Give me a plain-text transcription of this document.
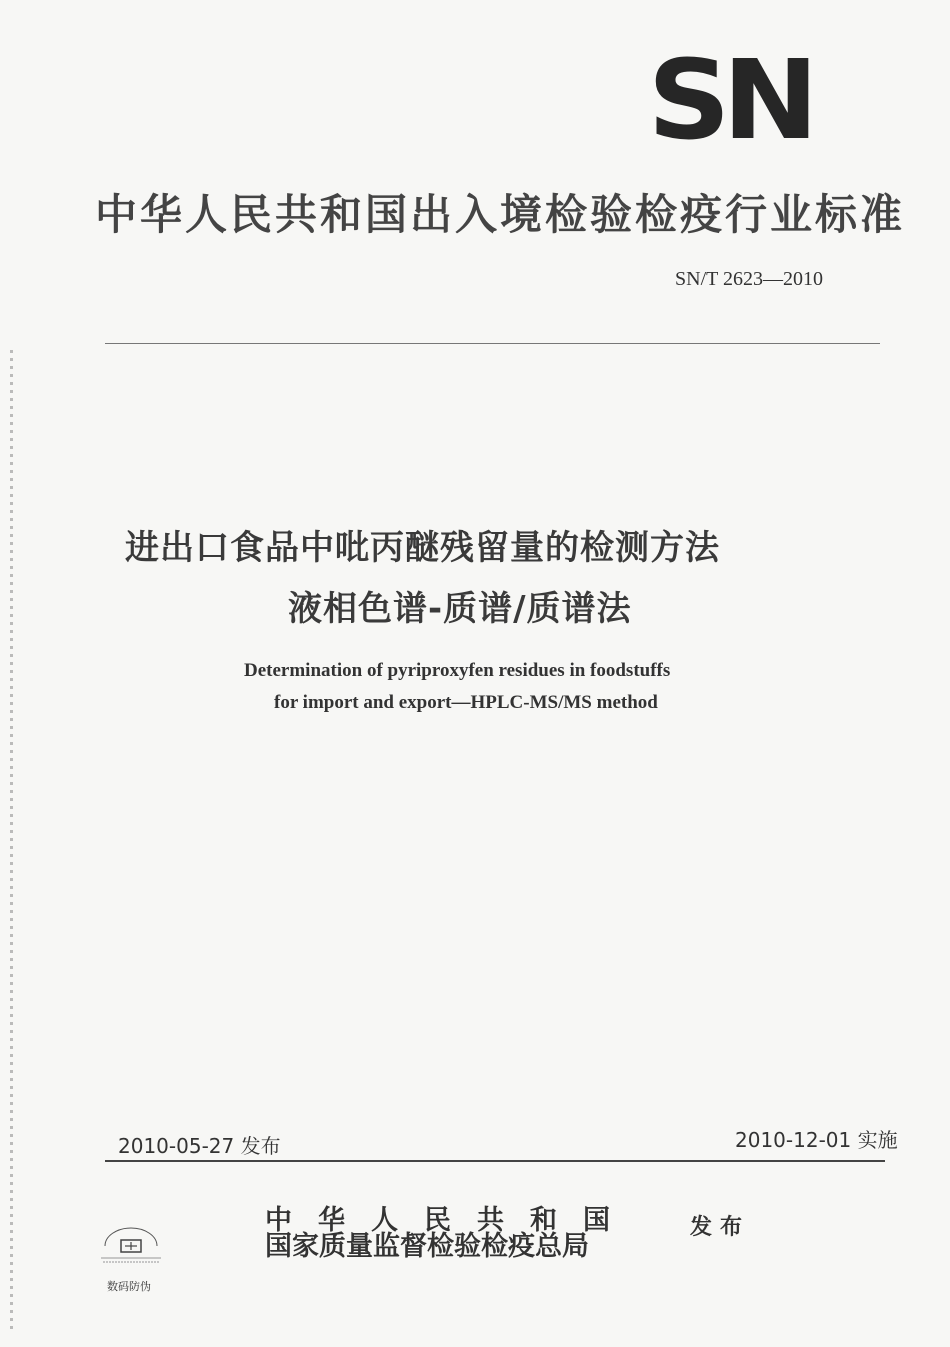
SN
中华人民共和国出入境检验检疫行业标准
SN/T 2623—2010
进出口食品中吡丙醚残留量的检测方法
液相色谱-质谱/质谱法
Determination of pyriproxyfen residues in foodstuffs
for import and export—HPLC-MS/MS method
2010-05-27 发布	2010-12-01 实施
中华人民共和国
国家质量监督检验检疫总局
发布
数码防伪
